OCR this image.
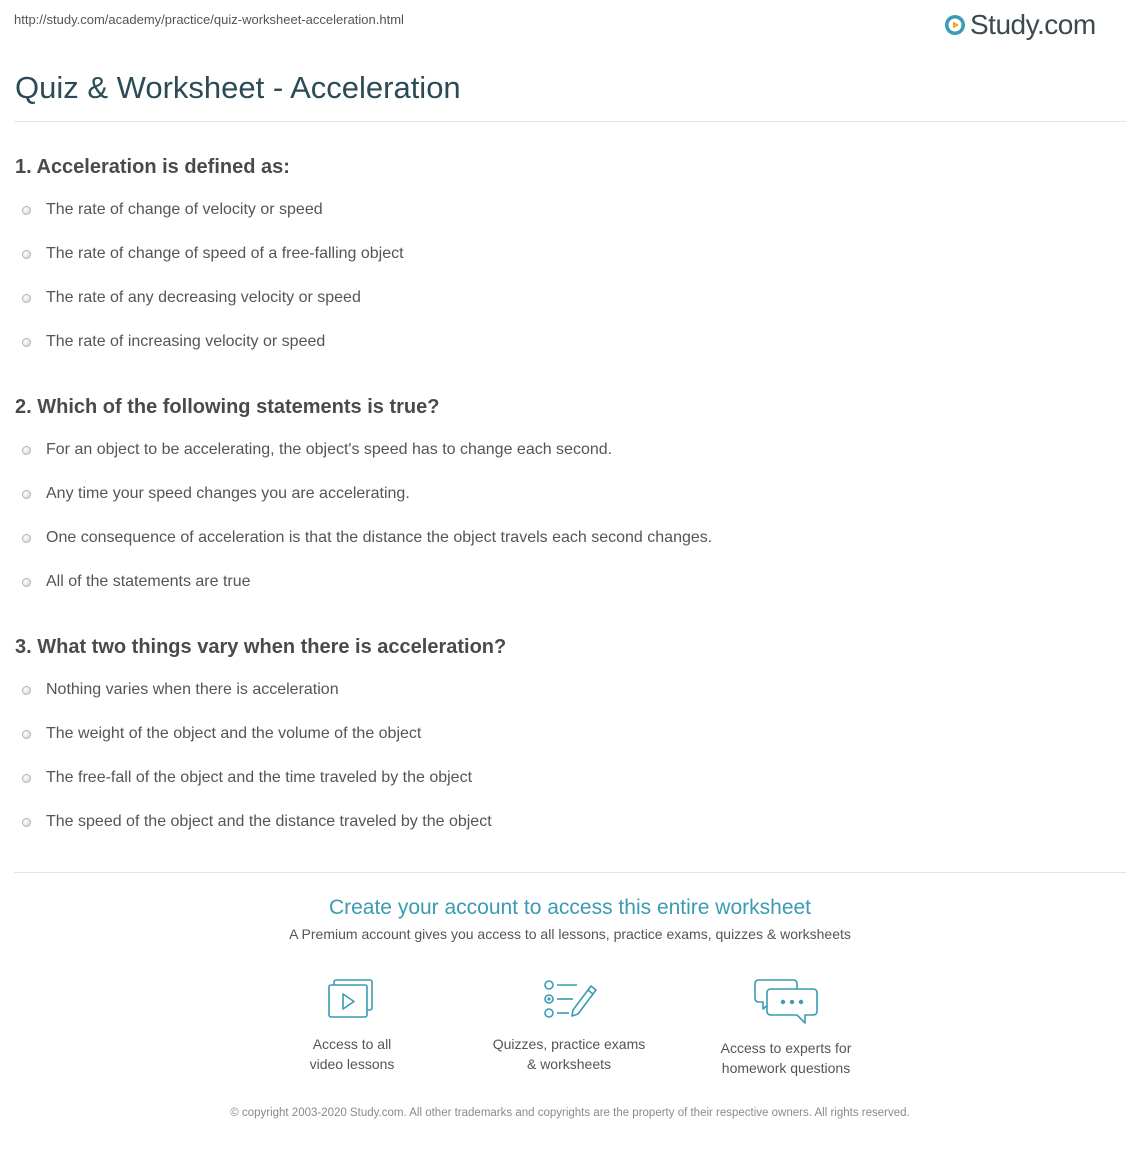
http://study.com/academy/practice/quiz-worksheet-acceleration.html	Study.com
Quiz & Worksheet - Acceleration
1. Acceleration is defined as:
The rate of change of velocity or speed
The rate of change of speed of a free-falling object
The rate of any decreasing velocity or speed
The rate of increasing velocity or speed
2. Which of the following statements is true?
For an object to be accelerating, the object's speed has to change each second.
Any time your speed changes you are accelerating.
One consequence of acceleration is that the distance the object travels each second changes.
All of the statements are true
3. What two things vary when there is acceleration?
Nothing varies when there is acceleration
The weight of the object and the volume of the object
The free-fall of the object and the time traveled by the object
The speed of the object and the distance traveled by the object
Create your account to access this entire worksheet
A Premium account gives you access to all lessons, practice exams, quizzes & worksheets
Access to all
video lessons
Quizzes, practice exams
& worksheets
Access to experts for
homework questions
© copyright 2003-2020 Study.com. All other trademarks and copyrights are the property of their respective owners. All rights reserved.
